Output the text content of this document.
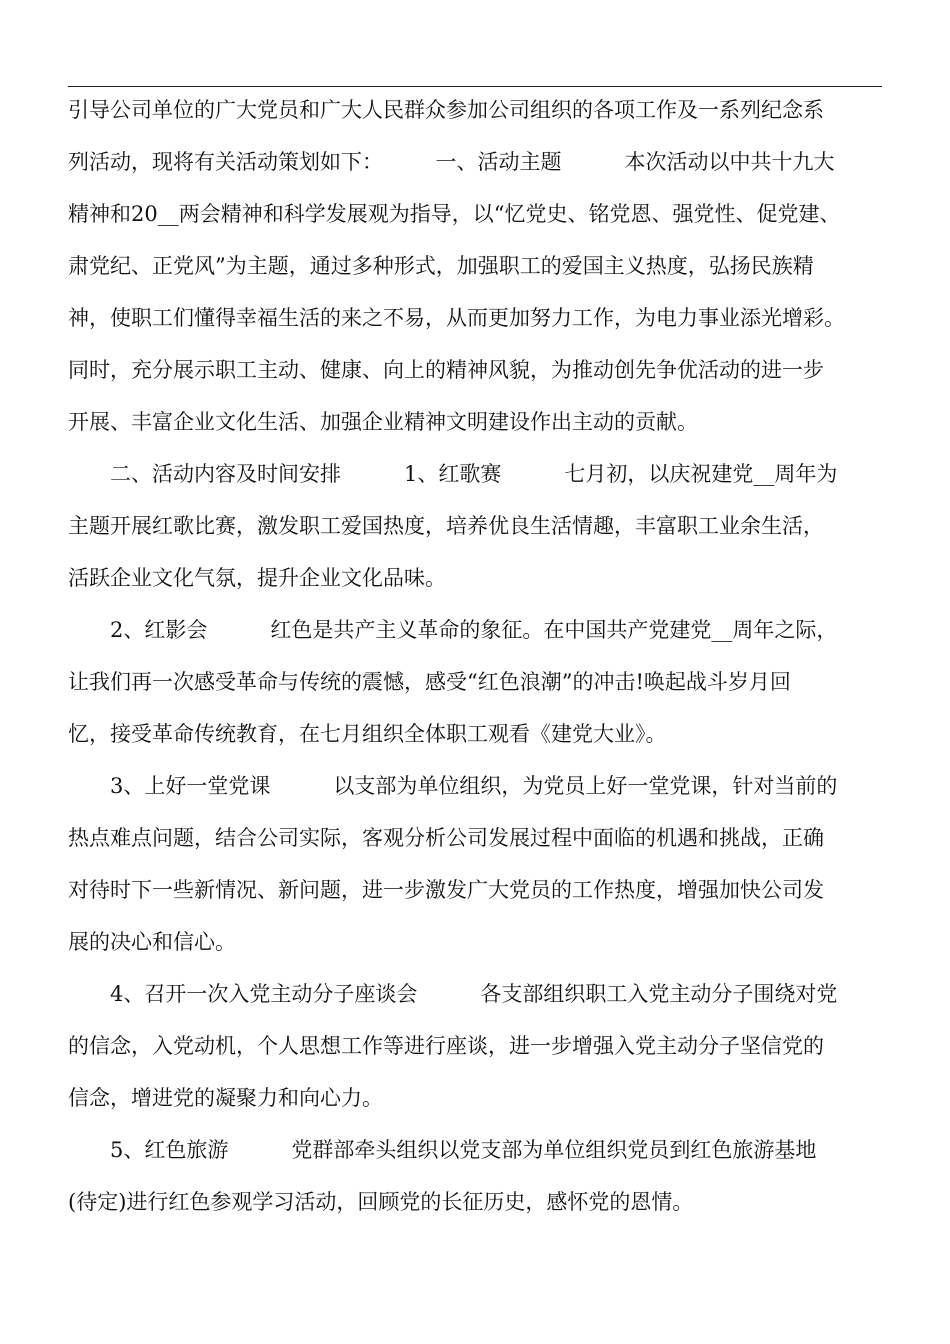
引导公司单位的广大党员和广大人民群众参加公司组织的各项工作及一系列纪念系
列活动，现将有关活动策划如下：　　　一、活动主题　　　本次活动以中共十九大
精神和20__两会精神和科学发展观为指导，以“忆党史、铭党恩、强党性、促党建、
肃党纪、正党风”为主题，通过多种形式，加强职工的爱国主义热度，弘扬民族精
神，使职工们懂得幸福生活的来之不易，从而更加努力工作，为电力事业添光增彩。
同时，充分展示职工主动、健康、向上的精神风貌，为推动创先争优活动的进一步
开展、丰富企业文化生活、加强企业精神文明建设作出主动的贡献。
　　二、活动内容及时间安排　　　1、红歌赛　　　七月初，以庆祝建党__周年为
主题开展红歌比赛，激发职工爱国热度，培养优良生活情趣，丰富职工业余生活，
活跃企业文化气氛，提升企业文化品味。
　　2、红影会　　　红色是共产主义革命的象征。在中国共产党建党__周年之际，
让我们再一次感受革命与传统的震憾，感受“红色浪潮”的冲击!唤起战斗岁月回
忆，接受革命传统教育，在七月组织全体职工观看《建党大业》。
　　3、上好一堂党课　　　以支部为单位组织，为党员上好一堂党课，针对当前的
热点难点问题，结合公司实际，客观分析公司发展过程中面临的机遇和挑战，正确
对待时下一些新情况、新问题，进一步激发广大党员的工作热度，增强加快公司发
展的决心和信心。
　　4、召开一次入党主动分子座谈会　　　各支部组织职工入党主动分子围绕对党
的信念，入党动机，个人思想工作等进行座谈，进一步增强入党主动分子坚信党的
信念，增进党的凝聚力和向心力。
　　5、红色旅游　　　党群部牵头组织以党支部为单位组织党员到红色旅游基地
(待定)进行红色参观学习活动，回顾党的长征历史，感怀党的恩情。
